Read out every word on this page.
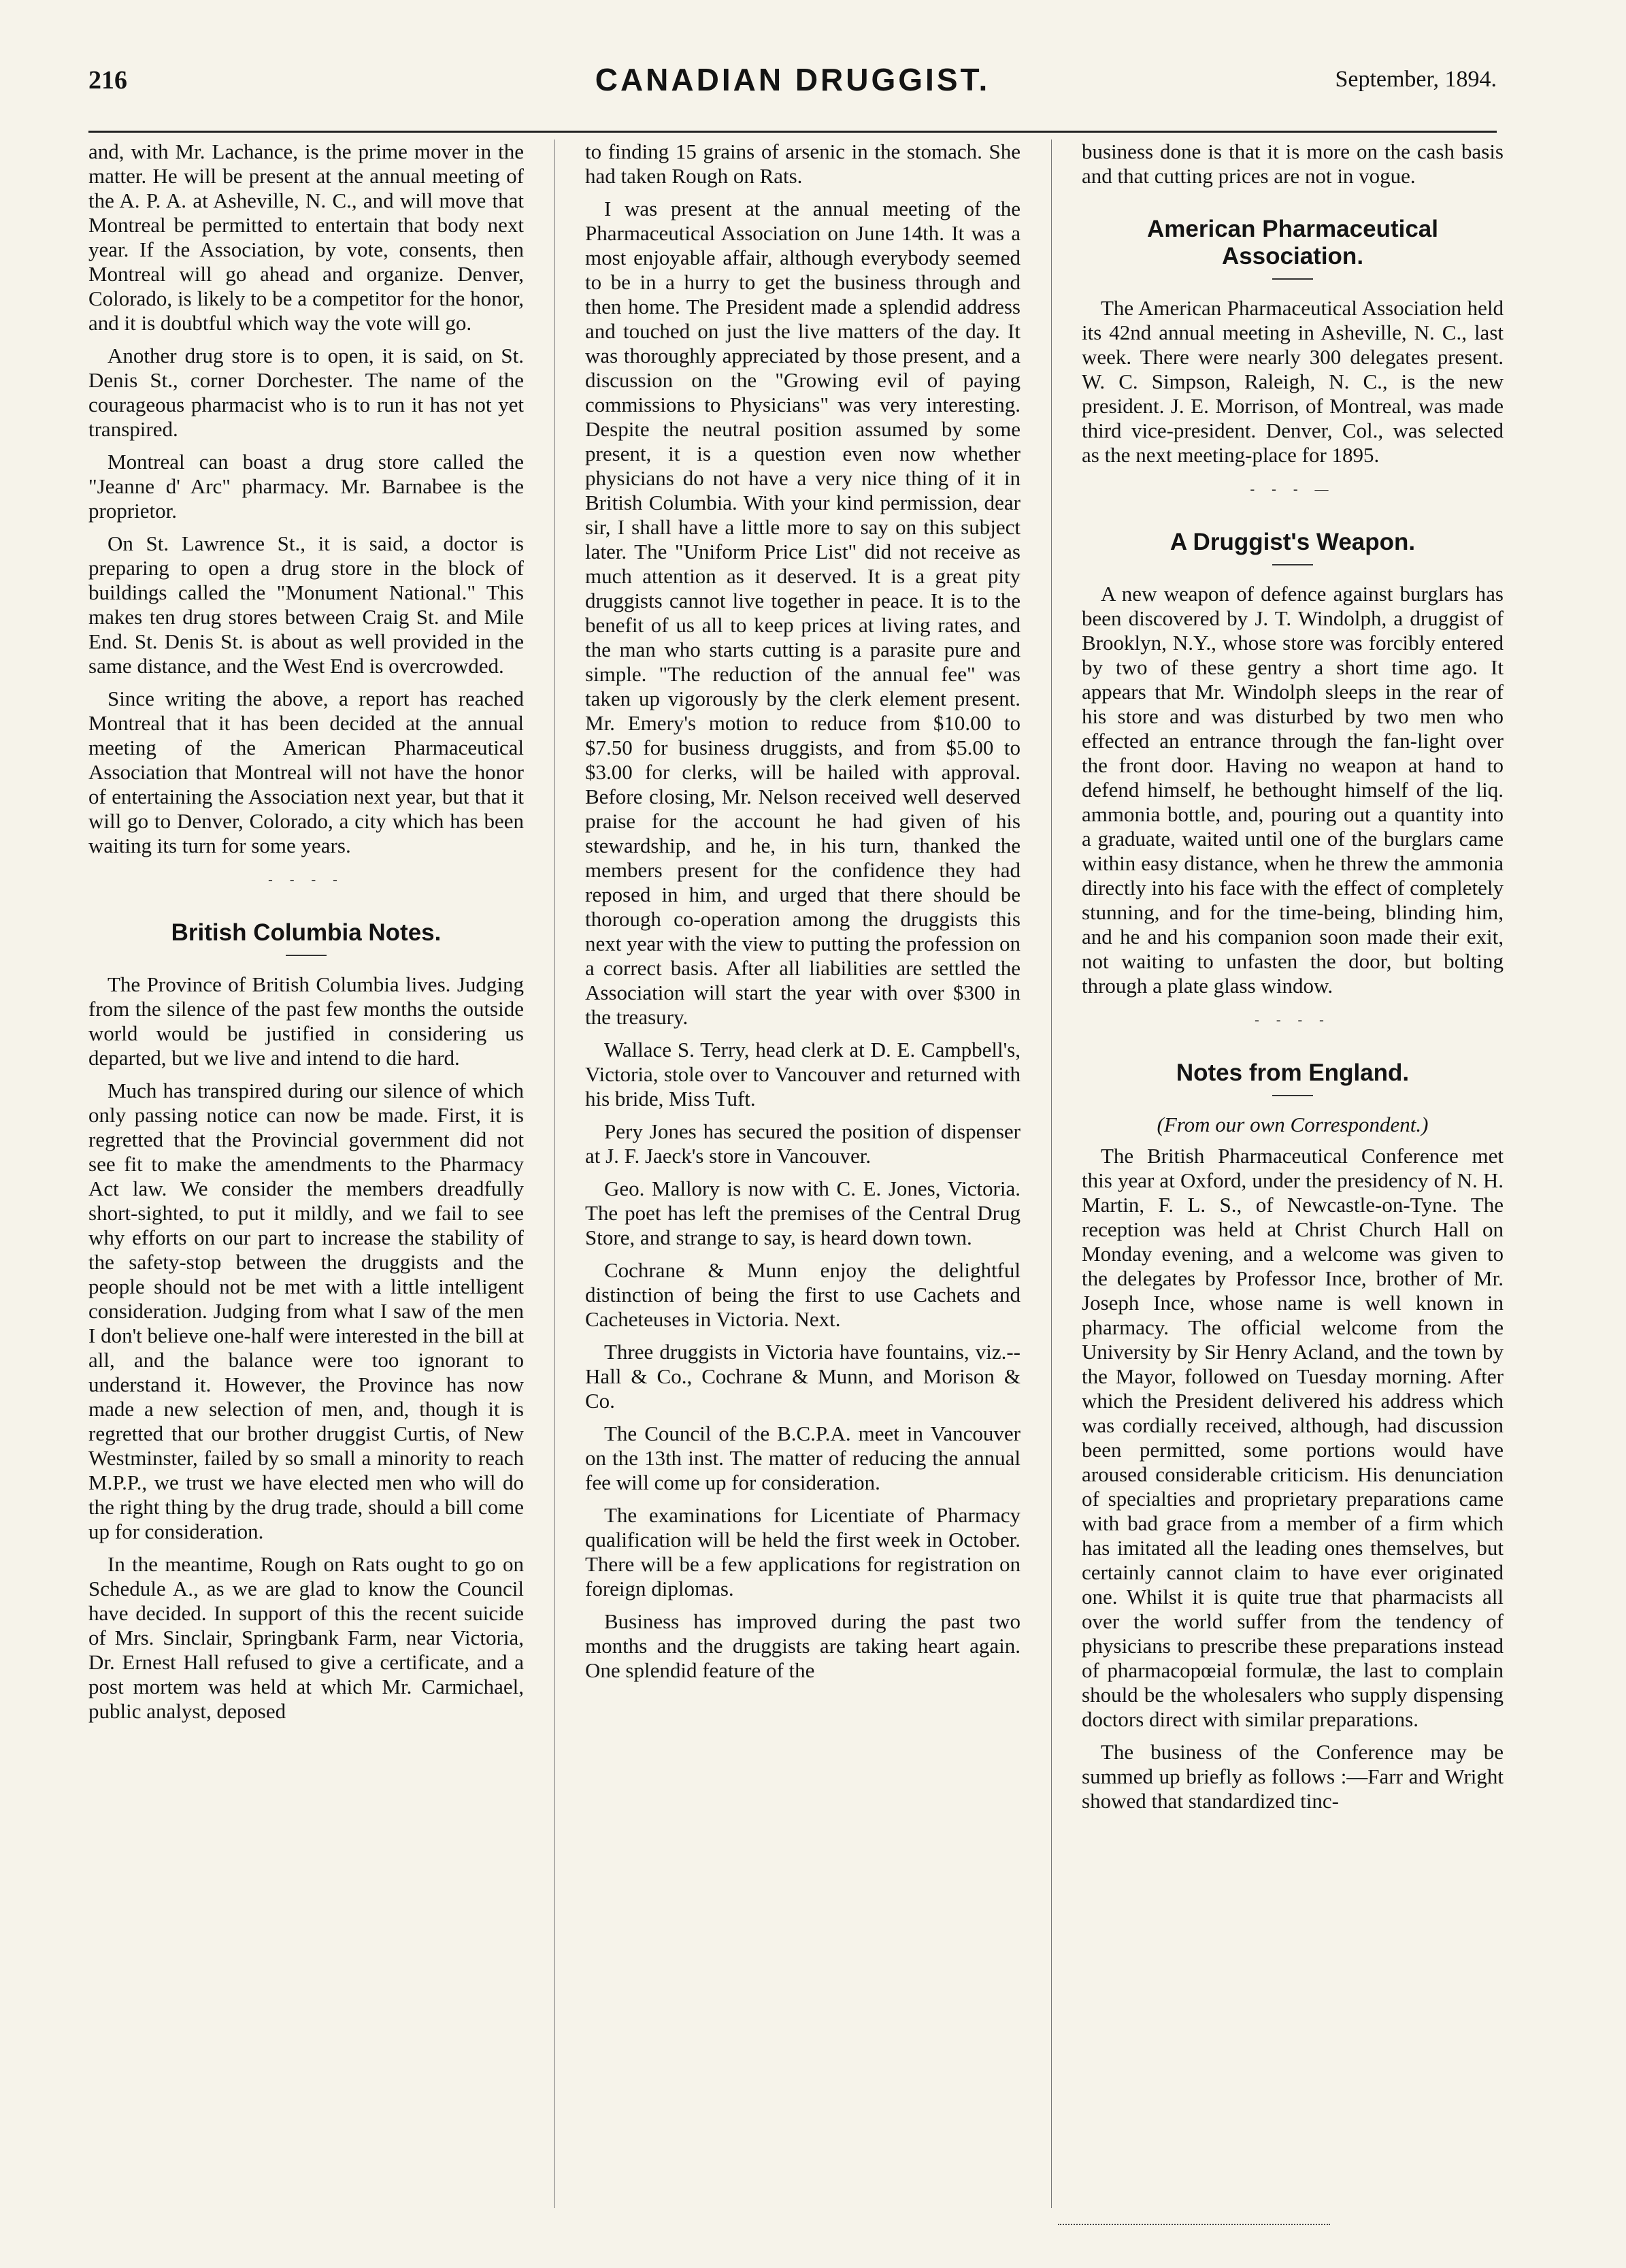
216	CANADIAN DRUGGIST.	September, 1894.

and, with Mr. Lachance, is the prime mover in the matter. He will be present at the annual meeting of the A. P. A. at Asheville, N. C., and will move that Montreal be permitted to entertain that body next year. If the Association, by vote, consents, then Montreal will go ahead and organize. Denver, Colorado, is likely to be a competitor for the honor, and it is doubtful which way the vote will go.

Another drug store is to open, it is said, on St. Denis St., corner Dorchester. The name of the courageous pharmacist who is to run it has not yet transpired.

Montreal can boast a drug store called the "Jeanne d' Arc" pharmacy. Mr. Barnabee is the proprietor.

On St. Lawrence St., it is said, a doctor is preparing to open a drug store in the block of buildings called the "Monument National." This makes ten drug stores between Craig St. and Mile End. St. Denis St. is about as well provided in the same distance, and the West End is overcrowded.

Since writing the above, a report has reached Montreal that it has been decided at the annual meeting of the American Pharmaceutical Association that Montreal will not have the honor of entertaining the Association next year, but that it will go to Denver, Colorado, a city which has been waiting its turn for some years.

- - - -
British Columbia Notes.

The Province of British Columbia lives. Judging from the silence of the past few months the outside world would be justified in considering us departed, but we live and intend to die hard.

Much has transpired during our silence of which only passing notice can now be made. First, it is regretted that the Provincial government did not see fit to make the amendments to the Pharmacy Act law. We consider the members dreadfully short-sighted, to put it mildly, and we fail to see why efforts on our part to increase the stability of the safety-stop between the druggists and the people should not be met with a little intelligent consideration. Judging from what I saw of the men I don't believe one-half were interested in the bill at all, and the balance were too ignorant to understand it. However, the Province has now made a new selection of men, and, though it is regretted that our brother druggist Curtis, of New Westminster, failed by so small a minority to reach M.P.P., we trust we have elected men who will do the right thing by the drug trade, should a bill come up for consideration.

In the meantime, Rough on Rats ought to go on Schedule A., as we are glad to know the Council have decided. In support of this the recent suicide of Mrs. Sinclair, Springbank Farm, near Victoria, Dr. Ernest Hall refused to give a certificate, and a post mortem was held at which Mr. Carmichael, public analyst, deposed

to finding 15 grains of arsenic in the stomach. She had taken Rough on Rats.

I was present at the annual meeting of the Pharmaceutical Association on June 14th. It was a most enjoyable affair, although everybody seemed to be in a hurry to get the business through and then home. The President made a splendid address and touched on just the live matters of the day. It was thoroughly appreciated by those present, and a discussion on the "Growing evil of paying commissions to Physicians" was very interesting. Despite the neutral position assumed by some present, it is a question even now whether physicians do not have a very nice thing of it in British Columbia. With your kind permission, dear sir, I shall have a little more to say on this subject later. The "Uniform Price List" did not receive as much attention as it deserved. It is a great pity druggists cannot live together in peace. It is to the benefit of us all to keep prices at living rates, and the man who starts cutting is a parasite pure and simple. "The reduction of the annual fee" was taken up vigorously by the clerk element present. Mr. Emery's motion to reduce from $10.00 to $7.50 for business druggists, and from $5.00 to $3.00 for clerks, will be hailed with approval. Before closing, Mr. Nelson received well deserved praise for the account he had given of his stewardship, and he, in his turn, thanked the members present for the confidence they had reposed in him, and urged that there should be thorough co-operation among the druggists this next year with the view to putting the profession on a correct basis. After all liabilities are settled the Association will start the year with over $300 in the treasury.

Wallace S. Terry, head clerk at D. E. Campbell's, Victoria, stole over to Vancouver and returned with his bride, Miss Tuft.

Pery Jones has secured the position of dispenser at J. F. Jaeck's store in Vancouver.

Geo. Mallory is now with C. E. Jones, Victoria. The poet has left the premises of the Central Drug Store, and strange to say, is heard down town.

Cochrane & Munn enjoy the delightful distinction of being the first to use Cachets and Cacheteuses in Victoria. Next.

Three druggists in Victoria have fountains, viz.--Hall & Co., Cochrane & Munn, and Morison & Co.

The Council of the B.C.P.A. meet in Vancouver on the 13th inst. The matter of reducing the annual fee will come up for consideration.

The examinations for Licentiate of Pharmacy qualification will be held the first week in October. There will be a few applications for registration on foreign diplomas.

Business has improved during the past two months and the druggists are taking heart again. One splendid feature of the

business done is that it is more on the cash basis and that cutting prices are not in vogue.

American Pharmaceutical Association.

The American Pharmaceutical Association held its 42nd annual meeting in Asheville, N. C., last week. There were nearly 300 delegates present. W. C. Simpson, Raleigh, N. C., is the new president. J. E. Morrison, of Montreal, was made third vice-president. Denver, Col., was selected as the next meeting-place for 1895.

- - - —
A Druggist's Weapon.

A new weapon of defence against burglars has been discovered by J. T. Windolph, a druggist of Brooklyn, N.Y., whose store was forcibly entered by two of these gentry a short time ago. It appears that Mr. Windolph sleeps in the rear of his store and was disturbed by two men who effected an entrance through the fan-light over the front door. Having no weapon at hand to defend himself, he bethought himself of the liq. ammonia bottle, and, pouring out a quantity into a graduate, waited until one of the burglars came within easy distance, when he threw the ammonia directly into his face with the effect of completely stunning, and for the time-being, blinding him, and he and his companion soon made their exit, not waiting to unfasten the door, but bolting through a plate glass window.

- - - -
Notes from England.

(From our own Correspondent.)

The British Pharmaceutical Conference met this year at Oxford, under the presidency of N. H. Martin, F. L. S., of Newcastle-on-Tyne. The reception was held at Christ Church Hall on Monday evening, and a welcome was given to the delegates by Professor Ince, brother of Mr. Joseph Ince, whose name is well known in pharmacy. The official welcome from the University by Sir Henry Acland, and the town by the Mayor, followed on Tuesday morning. After which the President delivered his address which was cordially received, although, had discussion been permitted, some portions would have aroused considerable criticism. His denunciation of specialties and proprietary preparations came with bad grace from a member of a firm which has imitated all the leading ones themselves, but certainly cannot claim to have ever originated one. Whilst it is quite true that pharmacists all over the world suffer from the tendency of physicians to prescribe these preparations instead of pharmacopœial formulæ, the last to complain should be the wholesalers who supply dispensing doctors direct with similar preparations.

The business of the Conference may be summed up briefly as follows :—Farr and Wright showed that standardized tinc-
